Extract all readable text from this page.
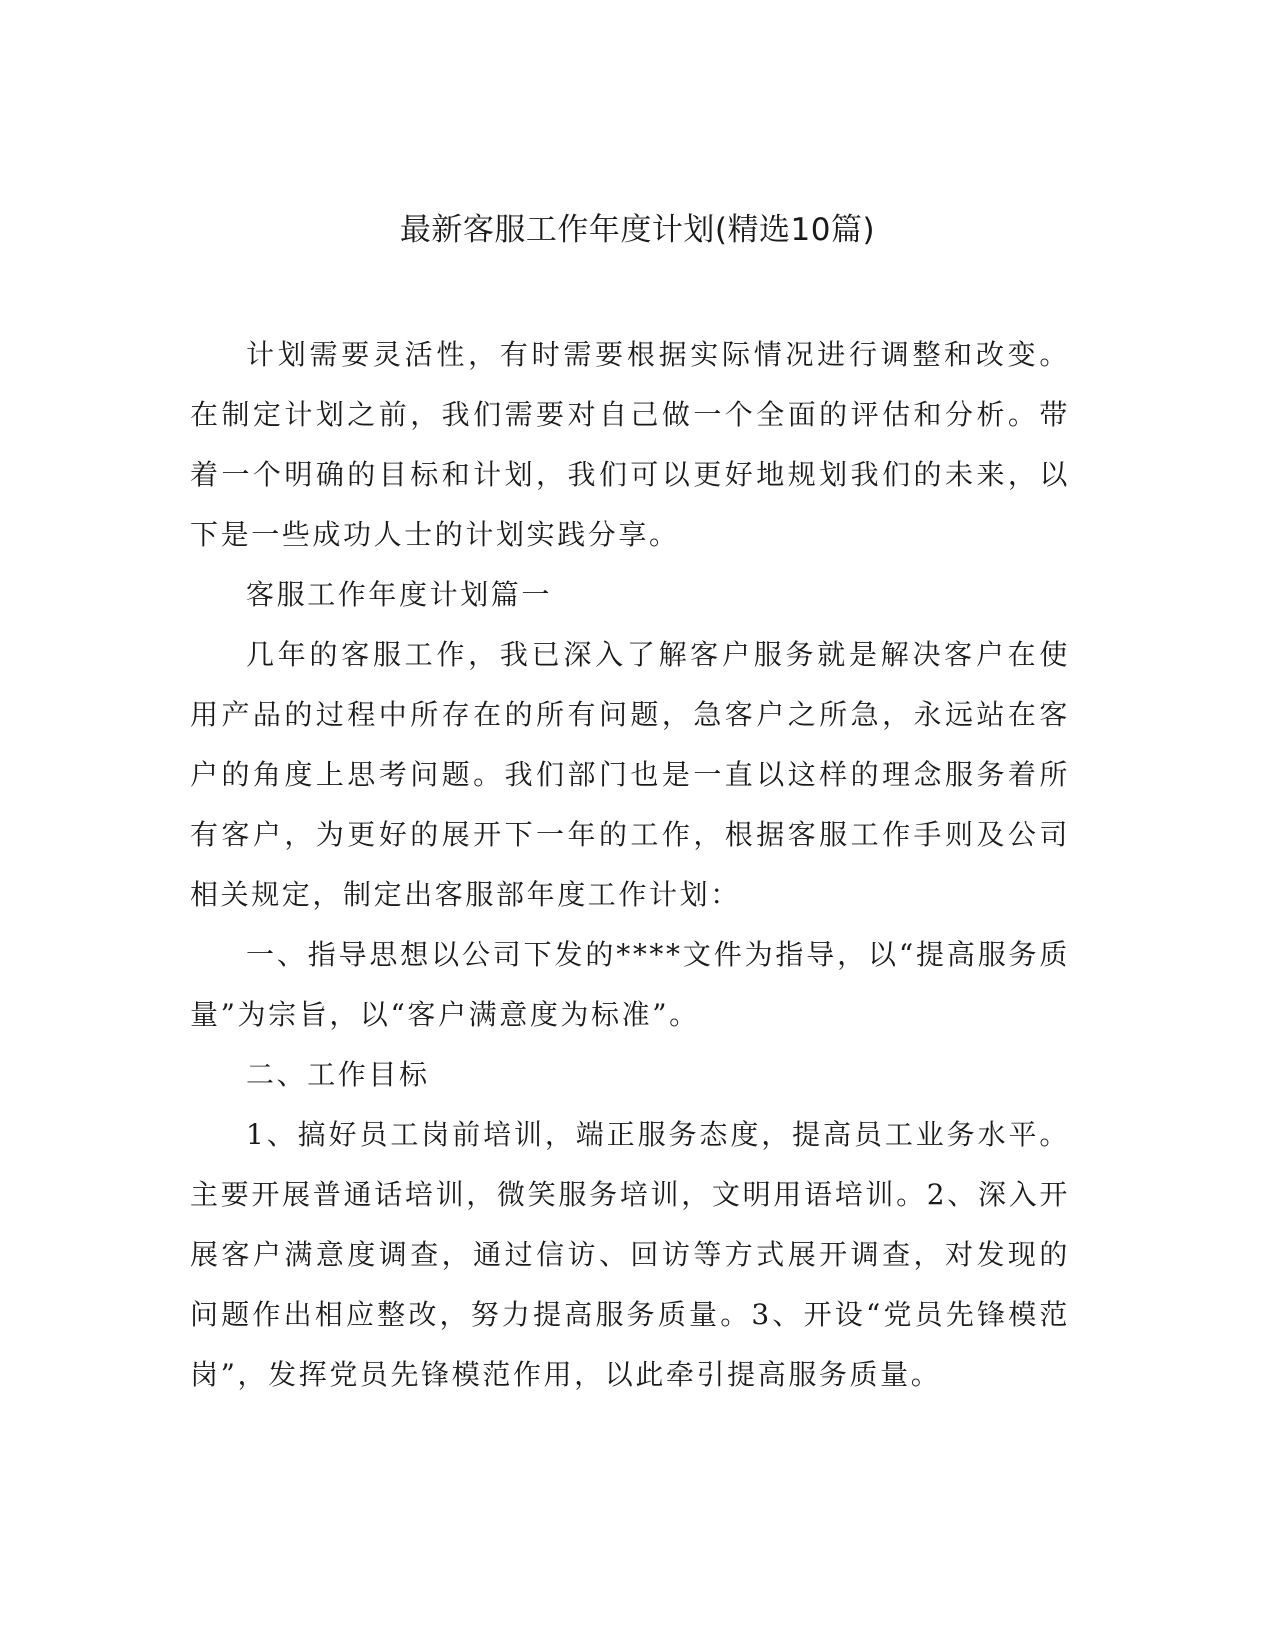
最新客服工作年度计划(精选10篇)

计划需要灵活性，有时需要根据实际情况进行调整和改变。在制定计划之前，我们需要对自己做一个全面的评估和分析。带着一个明确的目标和计划，我们可以更好地规划我们的未来，以下是一些成功人士的计划实践分享。

客服工作年度计划篇一

几年的客服工作，我已深入了解客户服务就是解决客户在使用产品的过程中所存在的所有问题，急客户之所急，永远站在客户的角度上思考问题。我们部门也是一直以这样的理念服务着所有客户，为更好的展开下一年的工作，根据客服工作手则及公司相关规定，制定出客服部年度工作计划：

一、指导思想以公司下发的****文件为指导，以“提高服务质量”为宗旨，以“客户满意度为标准”。

二、工作目标

1、搞好员工岗前培训，端正服务态度，提高员工业务水平。主要开展普通话培训，微笑服务培训，文明用语培训。2、深入开展客户满意度调查，通过信访、回访等方式展开调查，对发现的问题作出相应整改，努力提高服务质量。3、开设“党员先锋模范岗”，发挥党员先锋模范作用，以此牵引提高服务质量。
